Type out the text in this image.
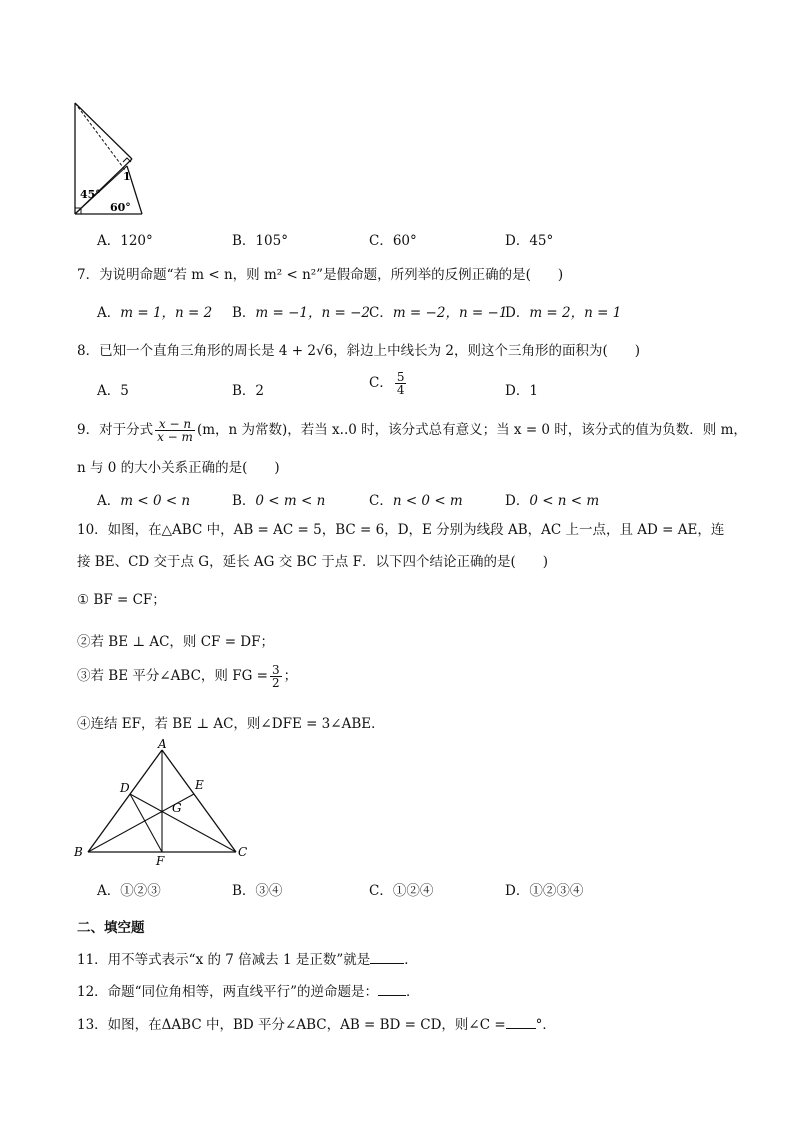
45°
60°
1
A．120°	B．105°	C．60°	D．45°
7．为说明命题“若 m < n，则 m² < n²”是假命题，所列举的反例正确的是(　　)
A．m = 1，n = 2 B．m = −1，n = −2
C．m = −2，n = −1
D．m = 2，n = 1
8．已知一个直角三角形的周长是 4 + 2√6，斜边上中线长为 2，则这个三角形的面积为(　　)
A．5	B．2	C． $\frac{5}{4}$	D．1
9．对于分式 $\frac{x - n}{x - m} (m$，n 为常数)，若当 x..0 时，该分式总有意义；当 x = 0 时，该分式的值为负数．则 m，
n 与 0 的大小关系正确的是(　　)
A．m < 0 < n	B．0 < m < n	C．n < 0 < m	D．0 < n < m
10．如图，在△ABC 中，AB = AC = 5，BC = 6，D，E 分别为线段 AB，AC 上一点，且 AD = AE，连
接 BE、CD 交于点 G，延长 AG 交 BC 于点 F．以下四个结论正确的是(　　)
① BF = CF；
②若 BE ⊥ AC，则 CF = DF；
③若 BE 平分∠ABC，则 FG = $\frac{3}{2}$ ；
④连结 EF，若 BE ⊥ AC，则∠DFE = 3∠ABE．
A
B	C
D	E
F
G
A．①②③	B．③④	C．①②④	D．①②③④
二、填空题
11．用不等式表示“x 的 7 倍减去 1 是正数”就是	．
12．命题“同位角相等，两直线平行”的逆命题是： ．
13．如图，在ΔABC 中，BD 平分∠ABC，AB = BD = CD，则∠C = °．
